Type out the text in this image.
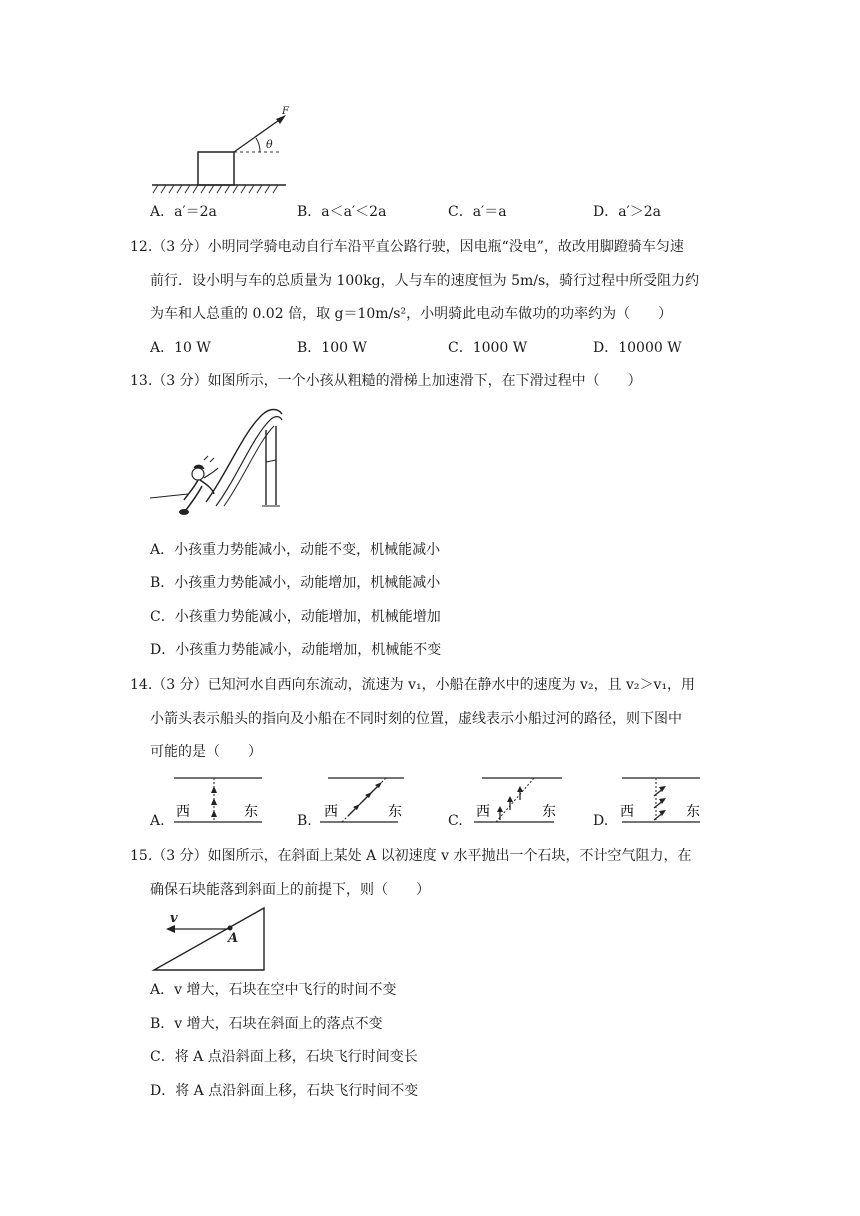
F
θ
A．a′＝2a	B．a＜a′＜2a	C．a′＝a	D．a′＞2a
12.（3 分）小明同学骑电动自行车沿平直公路行驶，因电瓶“没电”，故改用脚蹬骑车匀速
前行．设小明与车的总质量为 100kg，人与车的速度恒为 5m/s，骑行过程中所受阻力约
为车和人总重的 0.02 倍，取 g＝10m/s²，小明骑此电动车做功的功率约为（　　）
A．10 W	B．100 W	C．1000 W	D．10000 W
13.（3 分）如图所示，一个小孩从粗糙的滑梯上加速滑下，在下滑过程中（　　）
A．小孩重力势能减小，动能不变，机械能减小
B．小孩重力势能减小，动能增加，机械能减小
C．小孩重力势能减小，动能增加，机械能增加
D．小孩重力势能减小，动能增加，机械能不变
14.（3 分）已知河水自西向东流动，流速为 v₁，小船在静水中的速度为 v₂，且 v₂＞v₁，用
小箭头表示船头的指向及小船在不同时刻的位置，虚线表示小船过河的路径，则下图中
可能的是（　　）
A.
西	东
B.
西	东
C.
西	东
D.
西	东
15.（3 分）如图所示，在斜面上某处 A 以初速度 v 水平抛出一个石块，不计空气阻力，在
确保石块能落到斜面上的前提下，则（　　）
v
A
A．v 增大，石块在空中飞行的时间不变
B．v 增大，石块在斜面上的落点不变
C．将 A 点沿斜面上移，石块飞行时间变长
D．将 A 点沿斜面上移，石块飞行时间不变
